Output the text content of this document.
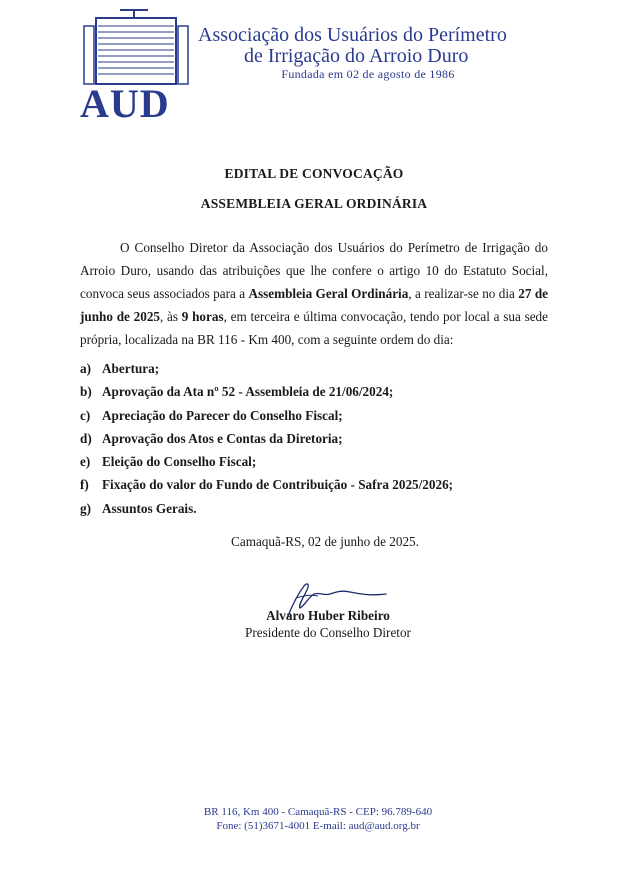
AUD
Associação dos Usuários do Perímetro
de Irrigação do Arroio Duro
Fundada em 02 de agosto de 1986
EDITAL DE CONVOCAÇÃO
ASSEMBLEIA GERAL ORDINÁRIA

O Conselho Diretor da Associação dos Usuários do Perímetro de Irrigação do Arroio Duro, usando das atribuições que lhe confere o artigo 10 do Estatuto Social, convoca seus associados para a Assembleia Geral Ordinária, a realizar-se no dia 27 de junho de 2025, às 9 horas, em terceira e última convocação, tendo por local a sua sede própria, localizada na BR 116 - Km 400, com a seguinte ordem do dia:

a) Abertura;
b) Aprovação da Ata nº 52 - Assembleia de 21/06/2024;
c) Apreciação do Parecer do Conselho Fiscal;
d) Aprovação dos Atos e Contas da Diretoria;
e) Eleição do Conselho Fiscal;
f) Fixação do valor do Fundo de Contribuição - Safra 2025/2026;
g) Assuntos Gerais.
Camaquã-RS, 02 de junho de 2025.
Alvaro Huber Ribeiro
Presidente do Conselho Diretor
BR 116, Km 400 - Camaquã-RS - CEP: 96.789-640
Fone: (51)3671-4001 E-mail: aud@aud.org.br
